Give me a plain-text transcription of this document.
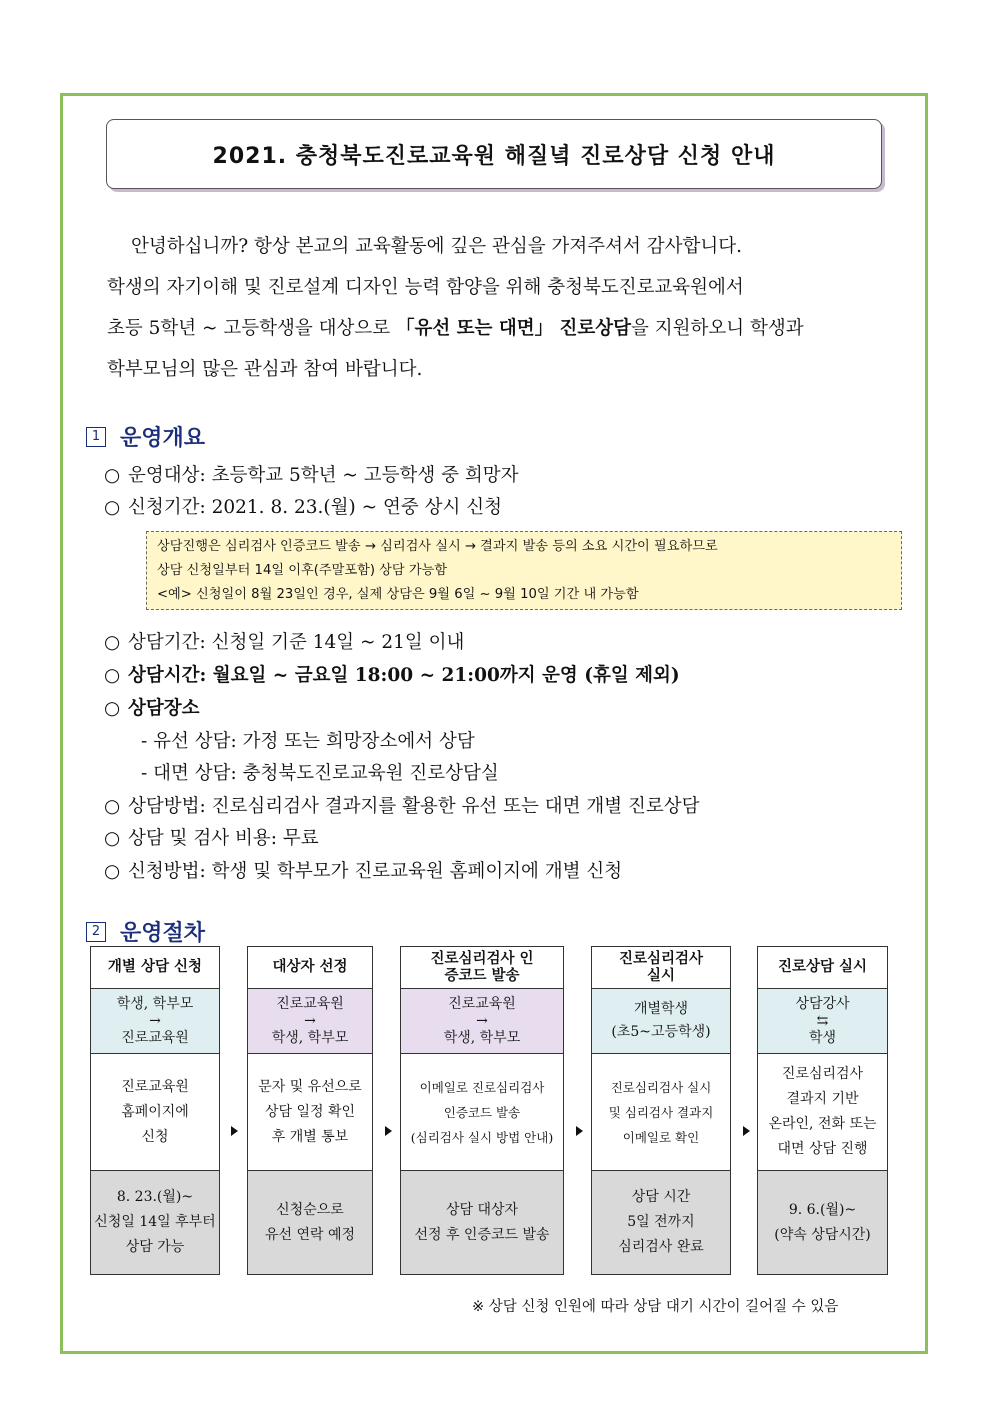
2021. 충청북도진로교육원 해질녘 진로상담 신청 안내

안녕하십니까? 항상 본교의 교육활동에 깊은 관심을 가져주셔서 감사합니다.

학생의 자기이해 및 진로설계 디자인 능력 함양을 위해 충청북도진로교육원에서

초등 5학년 ~ 고등학생을 대상으로 「유선 또는 대면」 진로상담을 지원하오니 학생과

학부모님의 많은 관심과 참여 바랍니다.

1 운영개요
○ 운영대상: 초등학교 5학년 ~ 고등학생 중 희망자
○ 신청기간: 2021. 8. 23.(월) ~ 연중 상시 신청
상담진행은 심리검사 인증코드 발송 → 심리검사 실시 → 결과지 발송 등의 소요 시간이 필요하므로
상담 신청일부터 14일 이후(주말포함) 상담 가능함
<예> 신청일이 8월 23일인 경우, 실제 상담은 9월 6일 ~ 9월 10일 기간 내 가능함
○ 상담기간: 신청일 기준 14일 ~ 21일 이내
○ 상담시간: 월요일 ~ 금요일 18:00 ~ 21:00까지 운영 (휴일 제외)
○ 상담장소
- 유선 상담: 가정 또는 희망장소에서 상담
- 대면 상담: 충청북도진로교육원 진로상담실
○ 상담방법: 진로심리검사 결과지를 활용한 유선 또는 대면 개별 진로상담
○ 상담 및 검사 비용: 무료
○ 신청방법: 학생 및 학부모가 진로교육원 홈페이지에 개별 신청
2 운영절차
개별 상담 신청
학생, 학부모
→
진로교육원
진로교육원
홈페이지에
신청
8. 23.(월)~
신청일 14일 후부터
상담 가능
대상자 선정
진로교육원
→
학생, 학부모
문자 및 유선으로
상담 일정 확인
후 개별 통보
신청순으로
유선 연락 예정
진로심리검사 인증코드 발송
진로교육원
→
학생, 학부모
이메일로 진로심리검사
인증코드 발송
(심리검사 실시 방법 안내)
상담 대상자
선정 후 인증코드 발송
진로심리검사 실시
개별학생
(초5~고등학생)
진로심리검사 실시
및 심리검사 결과지
이메일로 확인
상담 시간
5일 전까지
심리검사 완료
진로상담 실시
상담강사
⇆
학생
진로심리검사
결과지 기반
온라인, 전화 또는
대면 상담 진행
9. 6.(월)~
(약속 상담시간)
※ 상담 신청 인원에 따라 상담 대기 시간이 길어질 수 있음
